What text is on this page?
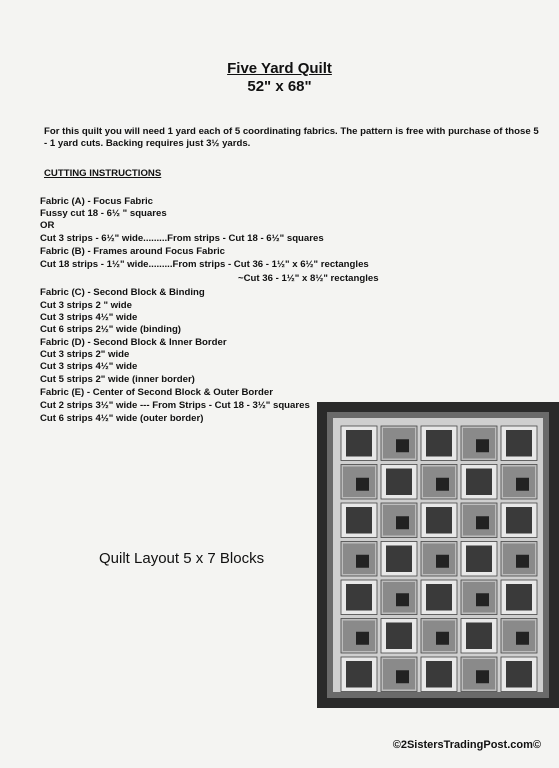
Five Yard Quilt
52" x 68"
For this quilt you will need 1 yard each of 5 coordinating fabrics. The pattern is free with purchase of those 5 - 1 yard cuts. Backing requires just 3½ yards.
CUTTING INSTRUCTIONS
Fabric (A) - Focus Fabric
Fussy cut 18 - 6½ " squares
OR
Cut 3 strips - 6½" wide.........From strips - Cut 18 - 6½" squares
Fabric (B) - Frames around Focus Fabric
Cut 18 strips - 1½" wide.........From strips - Cut 36 - 1½" x 6½" rectangles
~Cut 36 - 1½" x 8½" rectangles
Fabric (C) - Second Block & Binding
Cut 3 strips 2 " wide
Cut 3 strips 4½" wide
Cut 6 strips 2½" wide (binding)
Fabric (D) - Second Block & Inner Border
Cut 3 strips 2" wide
Cut 3 strips 4½" wide
Cut 5 strips 2" wide (inner border)
Fabric (E) - Center of Second Block & Outer Border
Cut 2 strips 3½" wide --- From Strips - Cut 18 - 3½" squares
Cut 6 strips 4½" wide (outer border)
Quilt Layout 5 x 7 Blocks
©2SistersTradingPost.com©
